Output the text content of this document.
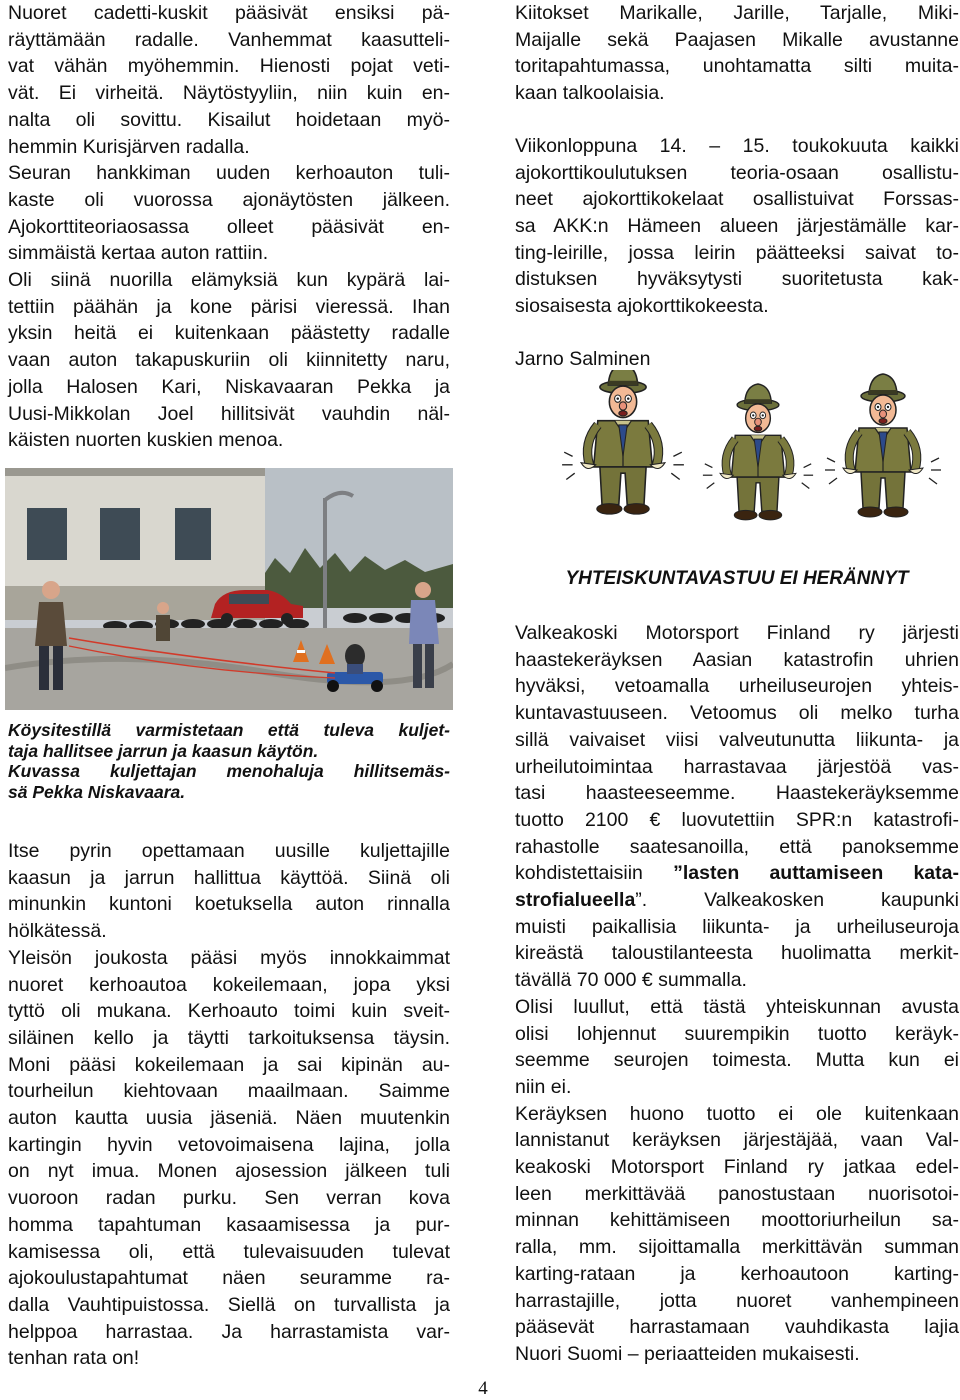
Nuoret cadetti-kuskit pääsivät ensiksi pä-
räyttämään radalle. Vanhemmat kaasutteli-
vat vähän myöhemmin. Hienosti pojat veti-
vät. Ei virheitä. Näytöstyyliin, niin kuin en-
nalta oli sovittu. Kisailut hoidetaan myö-
hemmin Kurisjärven radalla.
Seuran hankkiman uuden kerhoauton tuli-
kaste oli vuorossa ajonäytösten jälkeen.
Ajokorttiteoriaosassa olleet pääsivät en-
simmäistä kertaa auton rattiin.
Oli siinä nuorilla elämyksiä kun kypärä lai-
tettiin päähän ja kone pärisi vieressä. Ihan
yksin heitä ei kuitenkaan päästetty radalle
vaan auton takapuskuriin oli kiinnitetty naru,
jolla Halosen Kari, Niskavaaran Pekka ja
Uusi-Mikkolan Joel hillitsivät vauhdin näl-
käisten nuorten kuskien menoa.
Kiitokset Marikalle, Jarille, Tarjalle, Miki-
Maijalle sekä Paajasen Mikalle avustanne
toritapahtumassa, unohtamatta silti muita-
kaan talkoolaisia.
Viikonloppuna 14. – 15. toukokuuta kaikki
ajokorttikoulutuksen teoria-osaan osallistu-
neet ajokorttikokelaat osallistuivat Forssas-
sa AKK:n Hämeen alueen järjestämälle kar-
ting-leirille, jossa leirin päätteeksi saivat to-
distuksen hyväksytysti suoritetusta kak-
siosaisesta ajokorttikokeesta.
Jarno Salminen
YHTEISKUNTAVASTUU EI HERÄNNYT
Köysitestillä varmistetaan että tuleva kuljet-
taja hallitsee jarrun ja kaasun käytön.
Kuvassa kuljettajan menohaluja hillitsemäs-
sä Pekka Niskavaara.
Itse pyrin opettamaan uusille kuljettajille
kaasun ja jarrun hallittua käyttöä. Siinä oli
minunkin kuntoni koetuksella auton rinnalla
hölkätessä.
Yleisön joukosta pääsi myös innokkaimmat
nuoret kerhoautoa kokeilemaan, jopa yksi
tyttö oli mukana. Kerhoauto toimi kuin sveit-
siläinen kello ja täytti tarkoituksensa täysin.
Moni pääsi kokeilemaan ja sai kipinän au-
tourheilun kiehtovaan maailmaan. Saimme
auton kautta uusia jäseniä. Näen muutenkin
kartingin hyvin vetovoimaisena lajina, jolla
on nyt imua. Monen ajosession jälkeen tuli
vuoroon radan purku. Sen verran kova
homma tapahtuman kasaamisessa ja pur-
kamisessa oli, että tulevaisuuden tulevat
ajokoulustapahtumat näen seuramme ra-
dalla Vauhtipuistossa. Siellä on turvallista ja
helppoa harrastaa. Ja harrastamista var-
tenhan rata on!
Valkeakoski Motorsport Finland ry järjesti
haastekeräyksen Aasian katastrofin uhrien
hyväksi, vetoamalla urheiluseurojen yhteis-
kuntavastuuseen. Vetoomus oli melko turha
sillä vaivaiset viisi valveutunutta liikunta- ja
urheilutoimintaa harrastavaa järjestöä vas-
tasi haasteeseemme. Haastekeräyksemme
tuotto 2100 € luovutettiin SPR:n katastrofi-
rahastolle saatesanoilla, että panoksemme
kohdistettaisiin ”lasten auttamiseen kata-
strofialueella”. Valkeakosken kaupunki
muisti paikallisia liikunta- ja urheiluseuroja
kireästä taloustilanteesta huolimatta merkit-
tävällä 70 000 € summalla.
Olisi luullut, että tästä yhteiskunnan avusta
olisi lohjennut suurempikin tuotto keräyk-
seemme seurojen toimesta. Mutta kun ei
niin ei.
Keräyksen huono tuotto ei ole kuitenkaan
lannistanut keräyksen järjestäjää, vaan Val-
keakoski Motorsport Finland ry jatkaa edel-
leen merkittävää panostustaan nuorisotoi-
minnan kehittämiseen moottoriurheilun sa-
ralla, mm. sijoittamalla merkittävän summan
karting-rataan ja kerhoautoon karting-
harrastajille, jotta nuoret vanhempineen
pääsevät harrastamaan vauhdikasta lajia
Nuori Suomi – periaatteiden mukaisesti.
4
